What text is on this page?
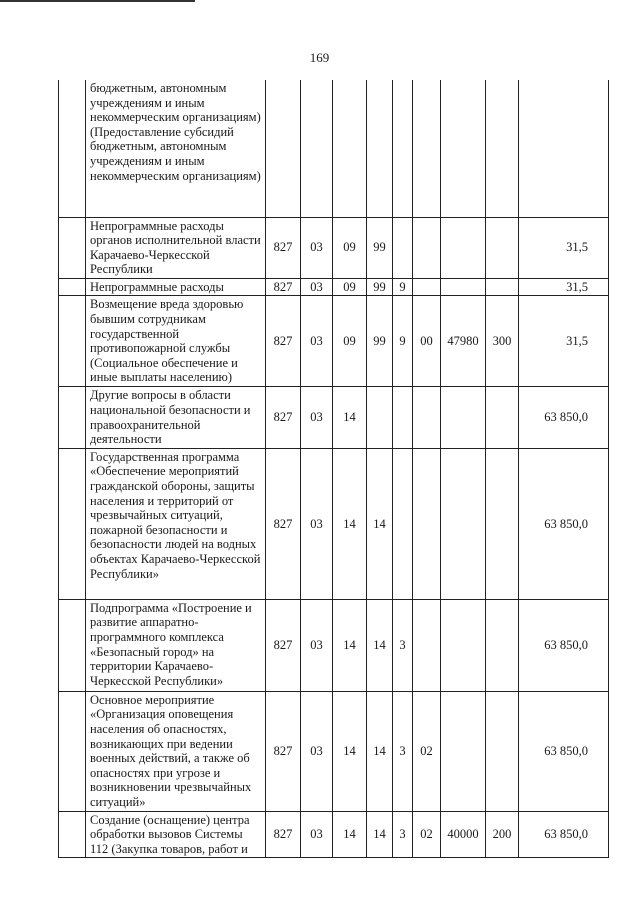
169
	бюджетным, автономным учреждениям и иным некоммерческим организациям) (Предоставление субсидий бюджетным, автономным учреждениям и иным некоммерческим организациям)									
	Непрограммные расходы органов исполнительной власти Карачаево-Черкесской Республики	827	03	09	99					31,5
	Непрограммные расходы	827	03	09	99	9				31,5
	Возмещение вреда здоровью бывшим сотрудникам государственной противопожарной службы (Социальное обеспечение и иные выплаты населению)	827	03	09	99	9	00	47980	300	31,5
	Другие вопросы в области национальной безопасности и правоохранительной деятельности	827	03	14						63 850,0
	Государственная программа «Обеспечение мероприятий гражданской обороны, защиты населения и территорий от чрезвычайных ситуаций, пожарной безопасности и безопасности людей на водных объектах Карачаево-Черкесской Республики»	827	03	14	14					63 850,0
	Подпрограмма «Построение и развитие аппаратно-программного комплекса «Безопасный город» на территории Карачаево-Черкесской Республики»	827	03	14	14	3				63 850,0
	Основное мероприятие «Организация оповещения населения об опасностях, возникающих при ведении военных действий, а также об опасностях при угрозе и возникновении чрезвычайных ситуаций»	827	03	14	14	3	02			63 850,0
	Создание (оснащение) центра обработки вызовов Системы 112 (Закупка товаров, работ и	827	03	14	14	3	02	40000	200	63 850,0
